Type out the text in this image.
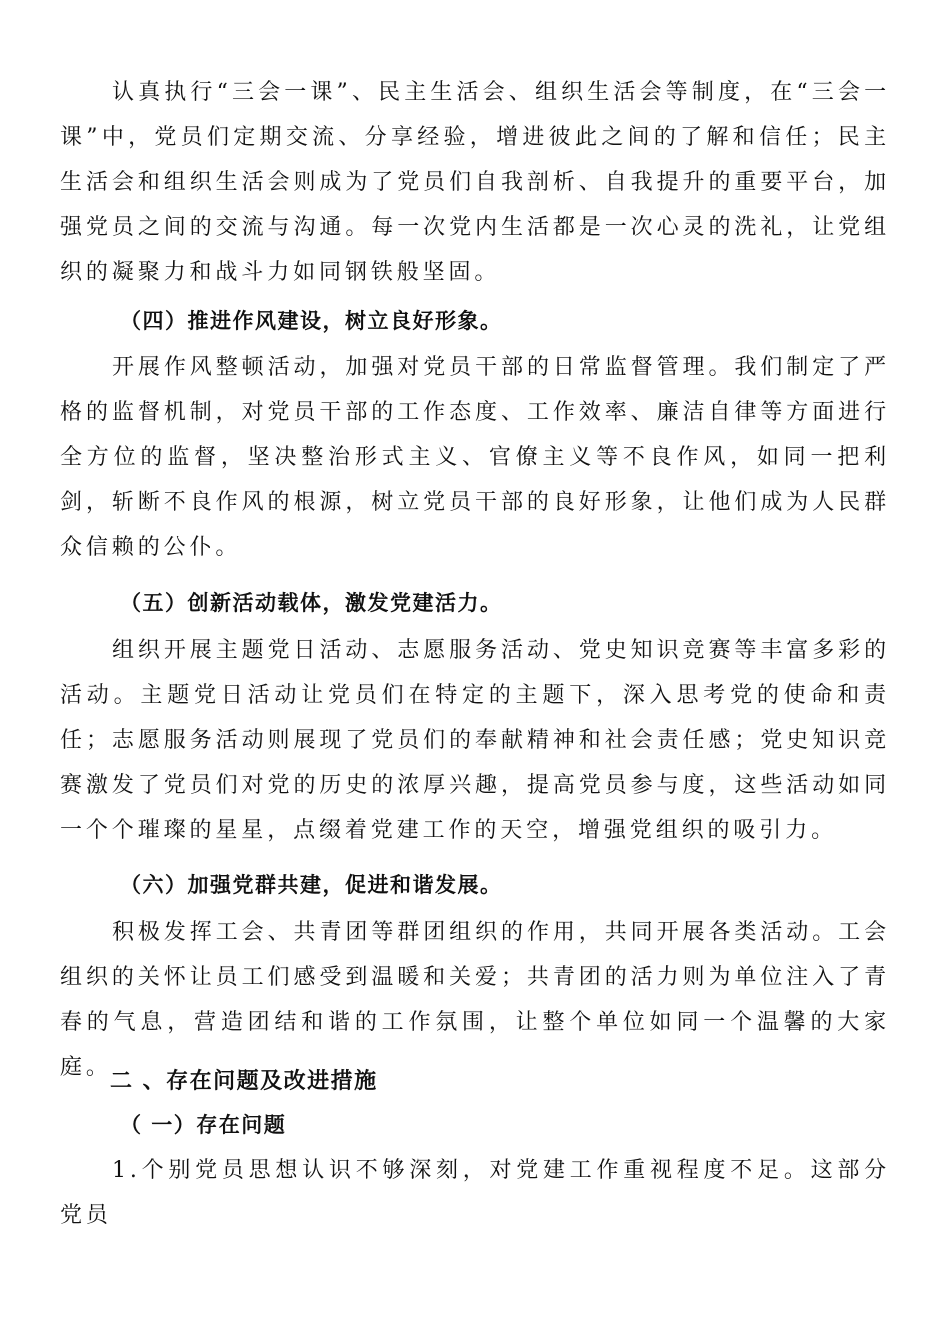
认真执行“三会一课”、民主生活会、组织生活会等制度，在“三会一课”中，党员们定期交流、分享经验，增进彼此之间的了解和信任；民主生活会和组织生活会则成为了党员们自我剖析、自我提升的重要平台，加强党员之间的交流与沟通。每一次党内生活都是一次心灵的洗礼，让党组织的凝聚力和战斗力如同钢铁般坚固。

（四）推进作风建设，树立良好形象。

开展作风整顿活动，加强对党员干部的日常监督管理。我们制定了严格的监督机制，对党员干部的工作态度、工作效率、廉洁自律等方面进行全方位的监督，坚决整治形式主义、官僚主义等不良作风，如同一把利剑，斩断不良作风的根源，树立党员干部的良好形象，让他们成为人民群众信赖的公仆。

（五）创新活动载体，激发党建活力。

组织开展主题党日活动、志愿服务活动、党史知识竞赛等丰富多彩的活动。主题党日活动让党员们在特定的主题下，深入思考党的使命和责任；志愿服务活动则展现了党员们的奉献精神和社会责任感；党史知识竞赛激发了党员们对党的历史的浓厚兴趣，提高党员参与度，这些活动如同一个个璀璨的星星，点缀着党建工作的天空，增强党组织的吸引力。

（六）加强党群共建，促进和谐发展。

积极发挥工会、共青团等群团组织的作用，共同开展各类活动。工会组织的关怀让员工们感受到温暖和关爱；共青团的活力则为单位注入了青春的气息，营造团结和谐的工作氛围，让整个单位如同一个温馨的大家庭。

二 、存在问题及改进措施

（ 一）存在问题

1.个别党员思想认识不够深刻，对党建工作重视程度不足。这部分党员
